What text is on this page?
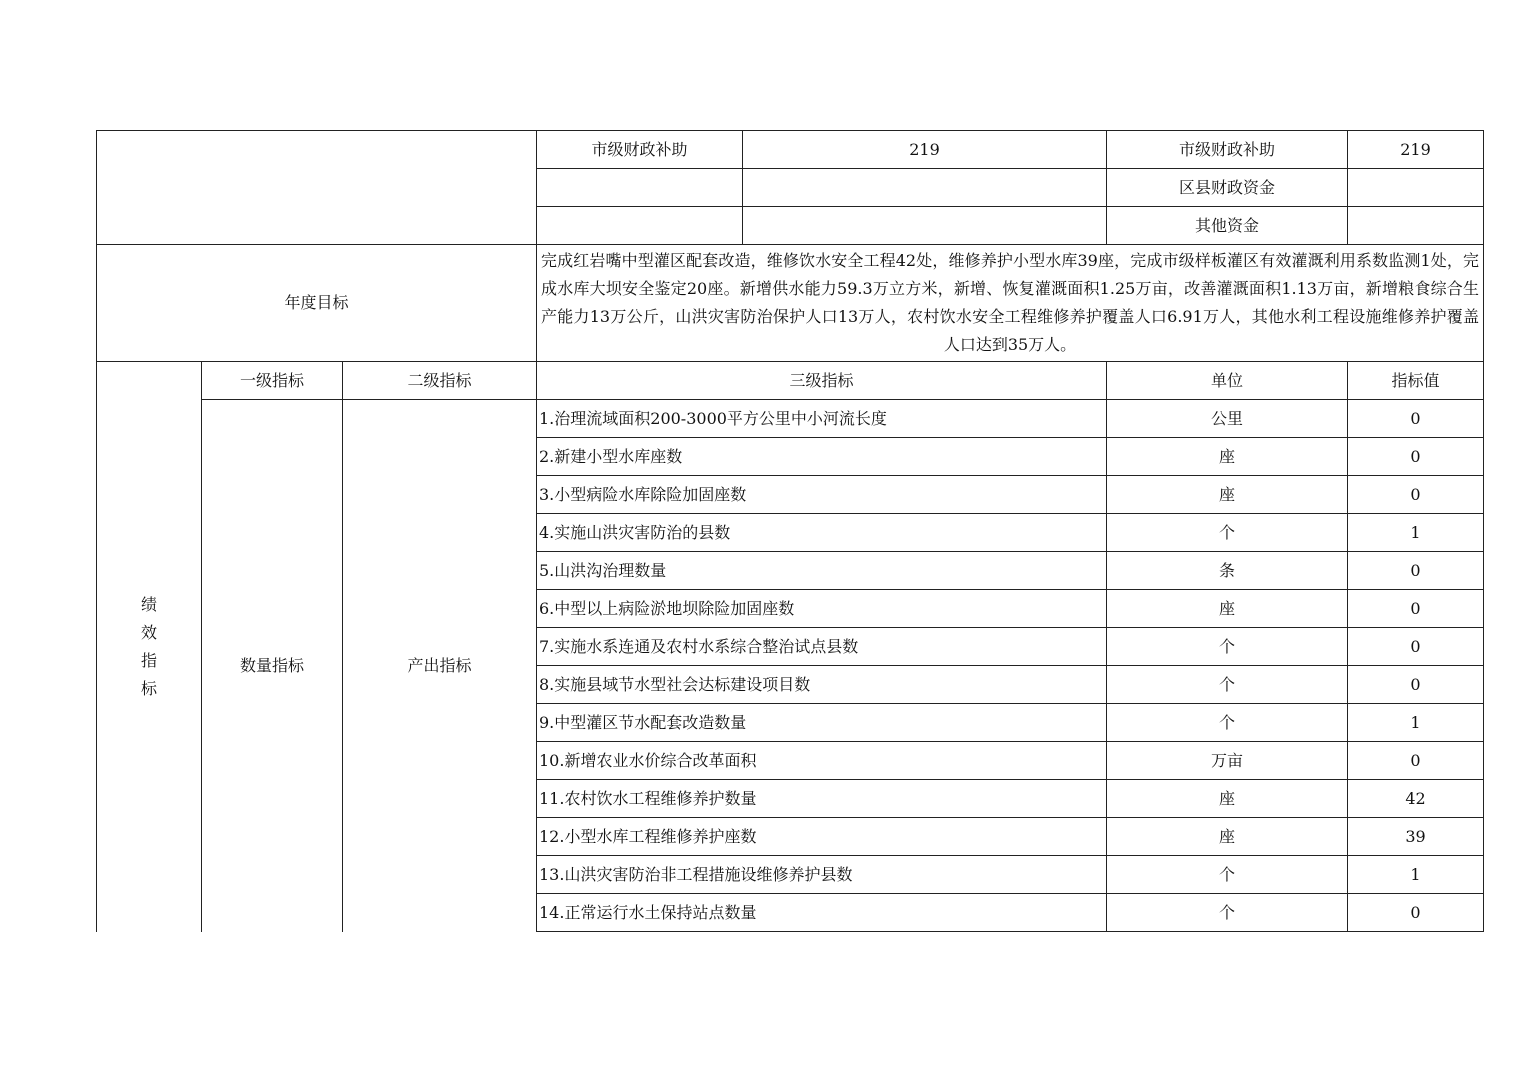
			市级财政补助	219	市级财政补助	219
					区县财政资金	
					其他资金	
年度目标			完成红岩嘴中型灌区配套改造，维修饮水安全工程42处，维修养护小型水库39座，完成市级样板灌区有效灌溉利用系数监测1处，完成水库大坝安全鉴定20座。新增供水能力59.3万立方米，新增、恢复灌溉面积1.25万亩，改善灌溉面积1.13万亩，新增粮食综合生产能力13万公斤，山洪灾害防治保护人口13万人，农村饮水安全工程维修养护覆盖人口6.91万人，其他水利工程设施维修养护覆盖人口达到35万人。			

绩
效
指
标	一级指标	二级指标	三级指标		单位	指标值
	数量指标	产出指标	1.治理流域面积200-3000平方公里中小河流长度		公里	0
			2.新建小型水库座数		座	0
			3.小型病险水库除险加固座数		座	0
			4.实施山洪灾害防治的县数		个	1
			5.山洪沟治理数量		条	0
			6.中型以上病险淤地坝除险加固座数		座	0
			7.实施水系连通及农村水系综合整治试点县数		个	0
			8.实施县域节水型社会达标建设项目数		个	0
			9.中型灌区节水配套改造数量		个	1
			10.新增农业水价综合改革面积		万亩	0
			11.农村饮水工程维修养护数量		座	42
			12.小型水库工程维修养护座数		座	39
			13.山洪灾害防治非工程措施设维修养护县数		个	1
			14.正常运行水土保持站点数量		个	0
